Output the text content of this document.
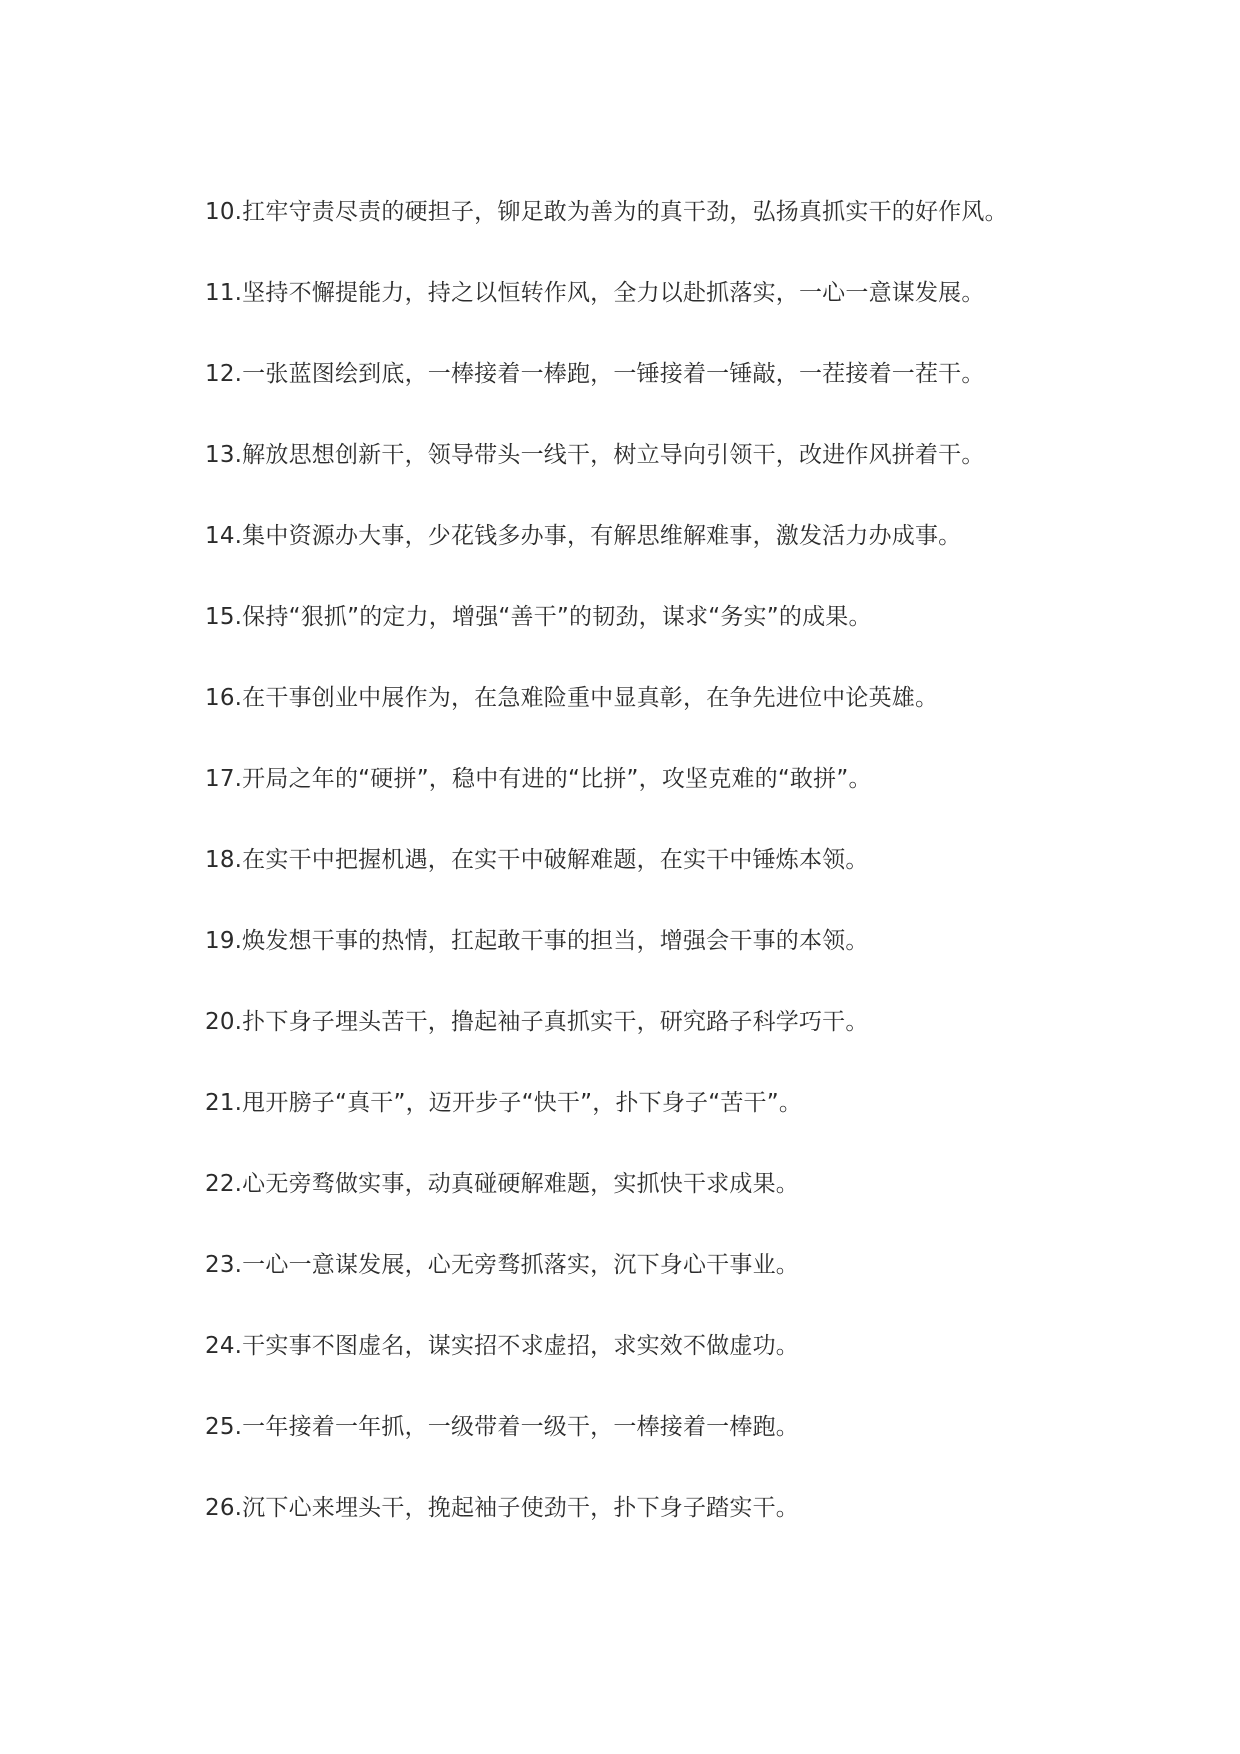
10.扛牢守责尽责的硬担子，铆足敢为善为的真干劲，弘扬真抓实干的好作风。
11.坚持不懈提能力，持之以恒转作风，全力以赴抓落实，一心一意谋发展。
12.一张蓝图绘到底，一棒接着一棒跑，一锤接着一锤敲，一茬接着一茬干。
13.解放思想创新干，领导带头一线干，树立导向引领干，改进作风拼着干。
14.集中资源办大事，少花钱多办事，有解思维解难事，激发活力办成事。
15.保持“狠抓”的定力，增强“善干”的韧劲，谋求“务实”的成果。
16.在干事创业中展作为，在急难险重中显真彰，在争先进位中论英雄。
17.开局之年的“硬拼”，稳中有进的“比拼”，攻坚克难的“敢拼”。
18.在实干中把握机遇，在实干中破解难题，在实干中锤炼本领。
19.焕发想干事的热情，扛起敢干事的担当，增强会干事的本领。
20.扑下身子埋头苦干，撸起袖子真抓实干，研究路子科学巧干。
21.甩开膀子“真干”，迈开步子“快干”，扑下身子“苦干”。
22.心无旁骛做实事，动真碰硬解难题，实抓快干求成果。
23.一心一意谋发展，心无旁骛抓落实，沉下身心干事业。
24.干实事不图虚名，谋实招不求虚招，求实效不做虚功。
25.一年接着一年抓，一级带着一级干，一棒接着一棒跑。
26.沉下心来埋头干，挽起袖子使劲干，扑下身子踏实干。
